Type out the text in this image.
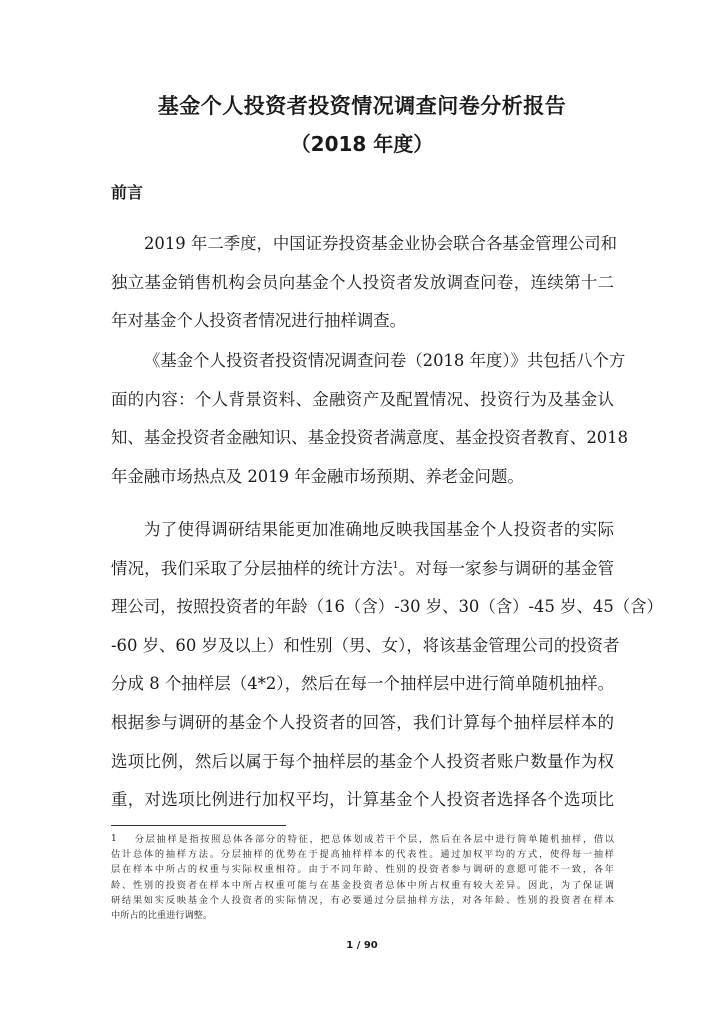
基金个人投资者投资情况调查问卷分析报告
（2018 年度）
前言
2019 年二季度，中国证券投资基金业协会联合各基金管理公司和
独立基金销售机构会员向基金个人投资者发放调查问卷，连续第十二
年对基金个人投资者情况进行抽样调查。
《基金个人投资者投资情况调查问卷（2018 年度）》共包括八个方
面的内容：个人背景资料、金融资产及配置情况、投资行为及基金认
知、基金投资者金融知识、基金投资者满意度、基金投资者教育、2018
年金融市场热点及 2019 年金融市场预期、养老金问题。
为了使得调研结果能更加准确地反映我国基金个人投资者的实际
情况，我们采取了分层抽样的统计方法$^1$。对每一家参与调研的基金管
理公司，按照投资者的年龄（16（含）-30 岁、30（含）-45 岁、45（含）
-60 岁、60 岁及以上）和性别（男、女），将该基金管理公司的投资者
分成 8 个抽样层（4*2），然后在每一个抽样层中进行简单随机抽样。
根据参与调研的基金个人投资者的回答，我们计算每个抽样层样本的
选项比例，然后以属于每个抽样层的基金个人投资者账户数量作为权
重，对选项比例进行加权平均，计算基金个人投资者选择各个选项比
1 分层抽样是指按照总体各部分的特征，把总体划成若干个层，然后在各层中进行简单随机抽样，借以
估计总体的抽样方法。分层抽样的优势在于提高抽样样本的代表性。通过加权平均的方式，使得每一抽样
层在样本中所占的权重与实际权重相符。由于不同年龄、性别的投资者参与调研的意愿可能不一致，各年
龄、性别的投资者在样本中所占权重可能与在基金投资者总体中所占权重有较大差异。因此，为了保证调
研结果如实反映基金个人投资者的实际情况，有必要通过分层抽样方法，对各年龄、性别的投资者在样本
中所占的比重进行调整。
1 / 90
